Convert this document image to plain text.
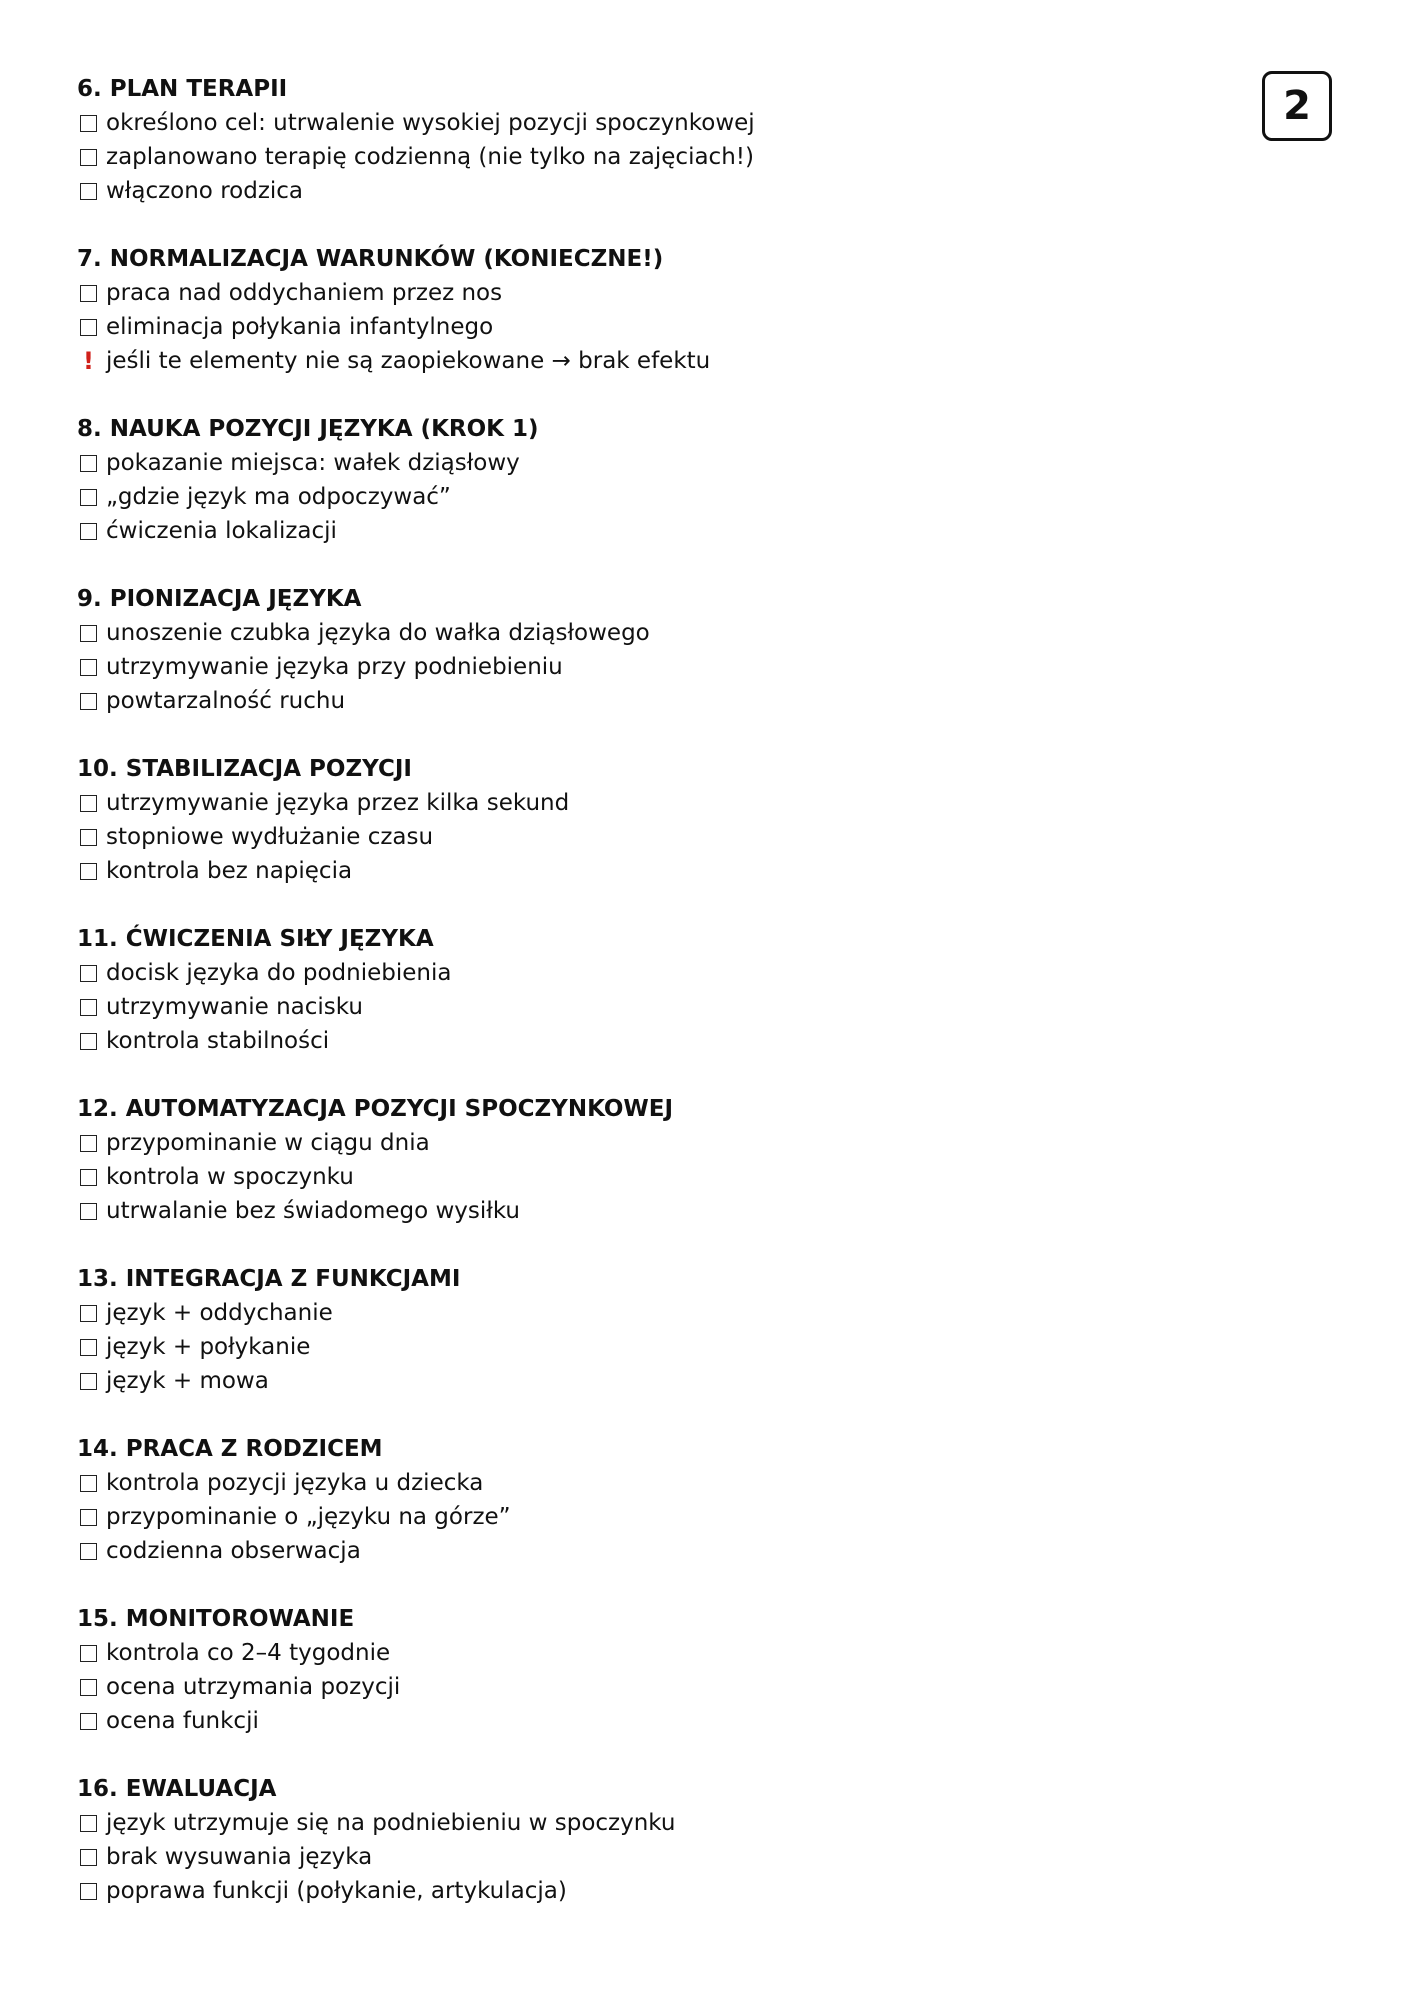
2
6. PLAN TERAPII
określono cel: utrwalenie wysokiej pozycji spoczynkowej
zaplanowano terapię codzienną (nie tylko na zajęciach!)
włączono rodzica
7. NORMALIZACJA WARUNKÓW (KONIECZNE!)
praca nad oddychaniem przez nos
eliminacja połykania infantylnego
! jeśli te elementy nie są zaopiekowane → brak efektu
8. NAUKA POZYCJI JĘZYKA (KROK 1)
pokazanie miejsca: wałek dziąsłowy
„gdzie język ma odpoczywać”
ćwiczenia lokalizacji
9. PIONIZACJA JĘZYKA
unoszenie czubka języka do wałka dziąsłowego
utrzymywanie języka przy podniebieniu
powtarzalność ruchu
10. STABILIZACJA POZYCJI
utrzymywanie języka przez kilka sekund
stopniowe wydłużanie czasu
kontrola bez napięcia
11. ĆWICZENIA SIŁY JĘZYKA
docisk języka do podniebienia
utrzymywanie nacisku
kontrola stabilności
12. AUTOMATYZACJA POZYCJI SPOCZYNKOWEJ
przypominanie w ciągu dnia
kontrola w spoczynku
utrwalanie bez świadomego wysiłku
13. INTEGRACJA Z FUNKCJAMI
język + oddychanie
język + połykanie
język + mowa
14. PRACA Z RODZICEM
kontrola pozycji języka u dziecka
przypominanie o „języku na górze”
codzienna obserwacja
15. MONITOROWANIE
kontrola co 2–4 tygodnie
ocena utrzymania pozycji
ocena funkcji
16. EWALUACJA
język utrzymuje się na podniebieniu w spoczynku
brak wysuwania języka
poprawa funkcji (połykanie, artykulacja)
